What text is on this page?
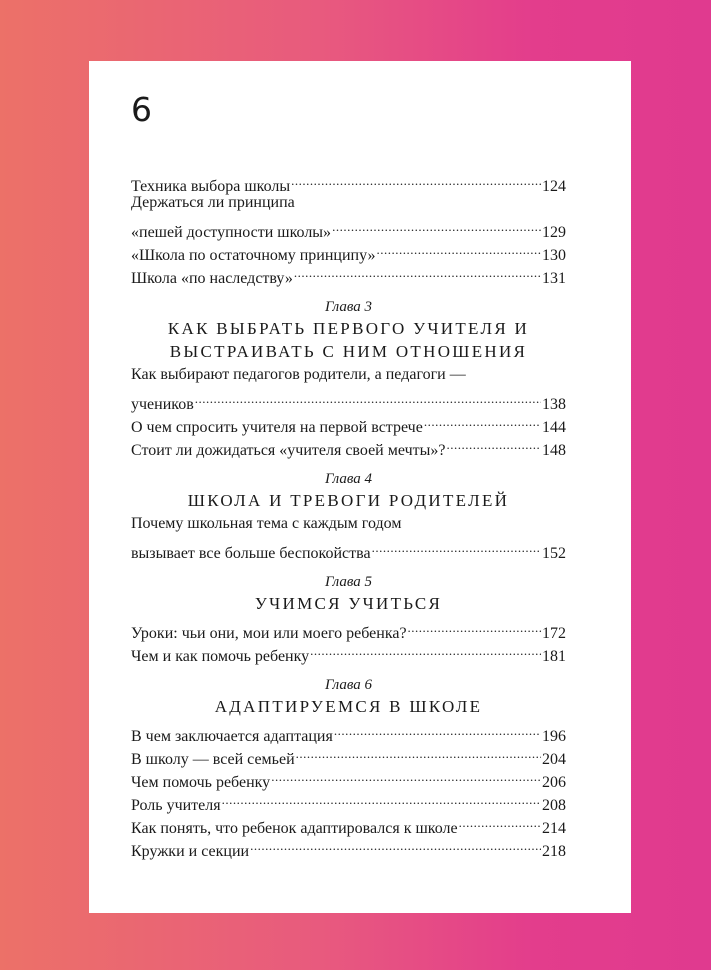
6
Техника выбора школы .....	124
Держаться ли принципа
«пешей доступности школы» .....	129
«Школа по остаточному принципу» .....	130
Школа «по наследству» .....	131
Глава 3
КАК ВЫБРАТЬ ПЕРВОГО УЧИТЕЛЯ И
ВЫСТРАИВАТЬ С НИМ ОТНОШЕНИЯ
Как выбирают педагогов родители, а педагоги —
учеников .....	138
О чем спросить учителя на первой встрече .....	144
Стоит ли дожидаться «учителя своей мечты»? .....	148
Глава 4
ШКОЛА И ТРЕВОГИ РОДИТЕЛЕЙ
Почему школьная тема с каждым годом
вызывает все больше беспокойства .....	152
Глава 5
УЧИМСЯ УЧИТЬСЯ
Уроки: чьи они, мои или моего ребенка? .....	172
Чем и как помочь ребенку .....	181
Глава 6
АДАПТИРУЕМСЯ В ШКОЛЕ
В чем заключается адаптация .....	196
В школу — всей семьей .....	204
Чем помочь ребенку .....	206
Роль учителя .....	208
Как понять, что ребенок адаптировался к школе .....	214
Кружки и секции .....	218
